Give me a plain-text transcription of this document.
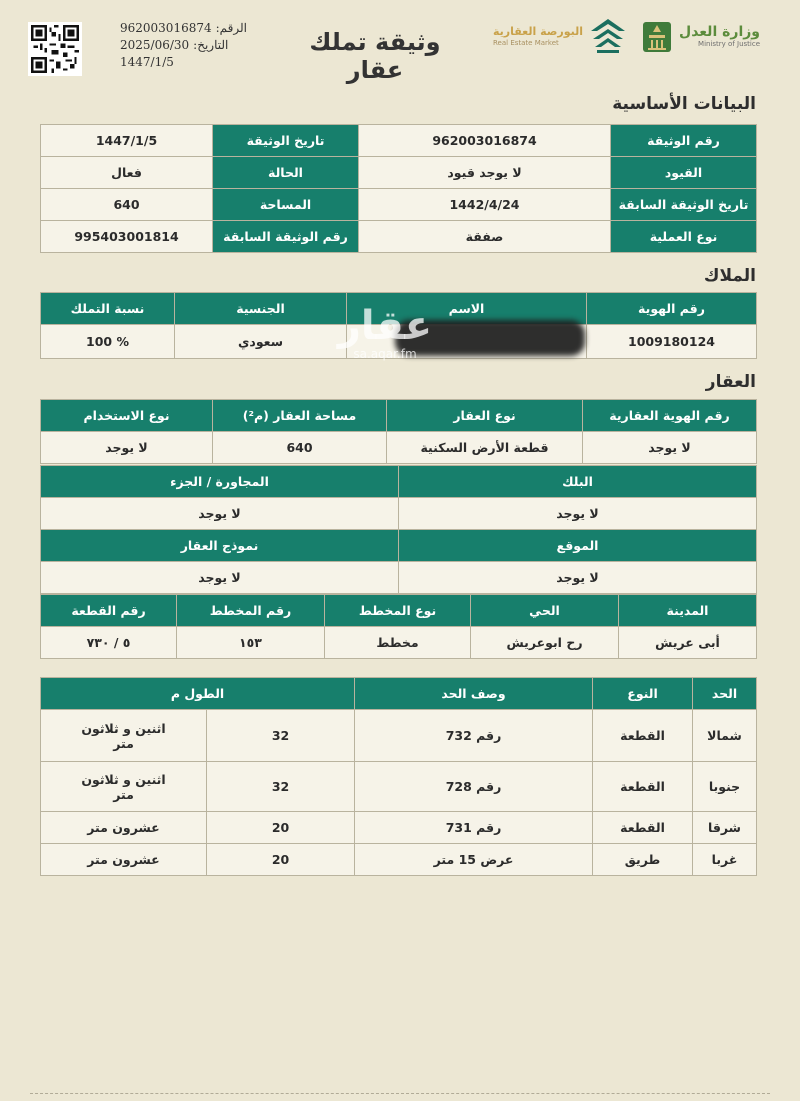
الرقم:
962003016874
التاريخ:
2025/06/30
1447/1/5
وثيقة تملك عقار
وزارة العدل
Ministry of Justice
البورصة العقارية
Real Estate Market
البيانات الأساسية
رقم الوثيقة	962003016874	تاريخ الوثيقة	1447/1/5
القيود	لا يوجد قيود	الحالة	فعال
تاريخ الوثيقة السابقة	1442/4/24	المساحة	640
نوع العملية	صفقة	رقم الوثيقة السابقة	995403001814
الملاك
رقم الهوية	الاسم	الجنسية	نسبة التملك
1009180124		سعودي	% 100
العقار
رقم الهوية العقارية	نوع العقار	مساحة العقار (م²)	نوع الاستخدام
لا يوجد	قطعة الأرض السكنية	640	لا يوجد
البلك	المجاورة / الجزء
لا يوجد	لا يوجد
الموقع	نموذج العقار
لا يوجد	لا يوجد
المدينة	الحي	نوع المخطط	رقم المخطط	رقم القطعة
أبى عريش	رح ابوعريش	مخطط	١٥٣	٥ / ٧٣٠
الحد	النوع	وصف الحد	الطول م	
شمالا	القطعة	رقم 732	32	اثنين و ثلاثون متر
جنوبا	القطعة	رقم 728	32	اثنين و ثلاثون متر
شرقا	القطعة	رقم 731	20	عشرون متر
غربا	طريق	عرض 15 متر	20	عشرون متر
عقار
sa.aqar.fm
